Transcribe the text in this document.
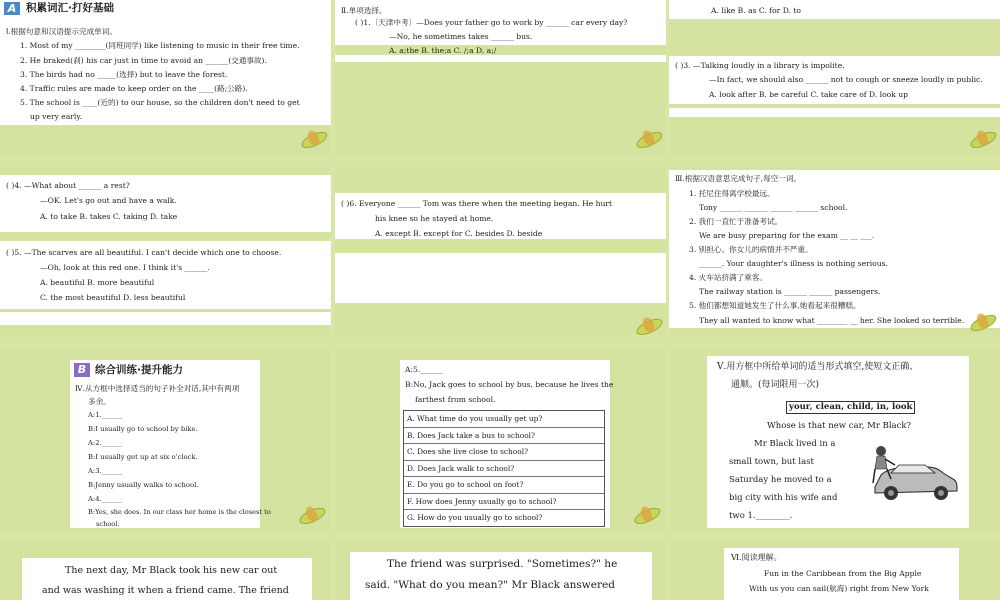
A 积累词汇·打好基础
Ⅰ.根据句意和汉语提示完成单词。
1. Most of my ________(同班同学) like listening to music in their free time.
2. He braked(刹) his car just in time to avoid an ______(交通事故).
3. The birds had no _____(选择) but to leave the forest.
4. Traffic rules are made to keep order on the ____(路;公路).
5. The school is ____(近的) to our house, so the children don't need to get
up very early.
Ⅱ.单项选择。
( )1.〔天津中考〕—Does your father go to work by ______ car every day?
—No, he sometimes takes ______ bus.
A. a;the B. the;a C. /;a D. a;/
A. like B. as C. for D. to
( )3. —Talking loudly in a library is impolite.
—In fact, we should also ______ not to cough or sneeze loudly in public.
A. look after B. be careful C. take care of D. look up
( )4. —What about ______ a rest?
—OK. Let's go out and have a walk.
A. to take B. takes C. taking D. take
( )5. —The scarves are all beautiful. I can't decide which one to choose.
—Oh, look at this red one. I think it's ______.
A. beautiful B. more beautiful
C. the most beautiful D. less beautiful
( )6. Everyone ______ Tom was there when the meeting began. He hurt
his knee so he stayed at home.
A. except B. except for C. besides D. beside
Ⅲ.根据汉语意思完成句子,每空一词。
1. 托尼住得离学校最远。
Tony ______ ______ ______ ______ school.
2. 我们一直忙于准备考试。
We are busy preparing for the exam __ __ ___.
3. 别担心。你女儿的病情并不严重。
______. Your daughter's illness is nothing serious.
4. 火车站挤满了乘客。
The railway station is ______ ______ passengers.
5. 他们都想知道她发生了什么事,她看起来很糟糕。
They all wanted to know what ________ __ her. She looked so terrible.
综合训练·提升能力
Ⅳ.从方框中选择适当的句子补全对话,其中有两项
多余。
A:1.______
B:I usually go to school by bike.
A:2.______
B:I usually get up at six o'clock.
A:3.______
B:Jenny usually walks to school.
A:4.______
B:Yes, she does. In our class her home is the closest to
school.
B	A:5.______
B:No, Jack goes to school by bus, because he lives the
farthest from school.
A. What time do you usually get up?
B. Does Jack take a bus to school?
C. Does she live close to school?
D. Does Jack walk to school?
E. Do you go to school on foot?
F. How does Jenny usually go to school?
G. How do you usually go to school?
Ⅴ.用方框中所给单词的适当形式填空,使短文正确、
通顺。(每词限用一次)
your, clean, child, in, look
Whose is that new car, Mr Black?
Mr Black lived in a
small town, but last
Saturday he moved to a
big city with his wife and
two 1.________.
The next day, Mr Black took his new car out
and was washing it when a friend came. The friend
The friend was surprised. "Sometimes?" he
said. "What do you mean?" Mr Black answered
Ⅵ.阅读理解。
Fun in the Caribbean from the Big Apple
With us you can sail(航海) right from New York
